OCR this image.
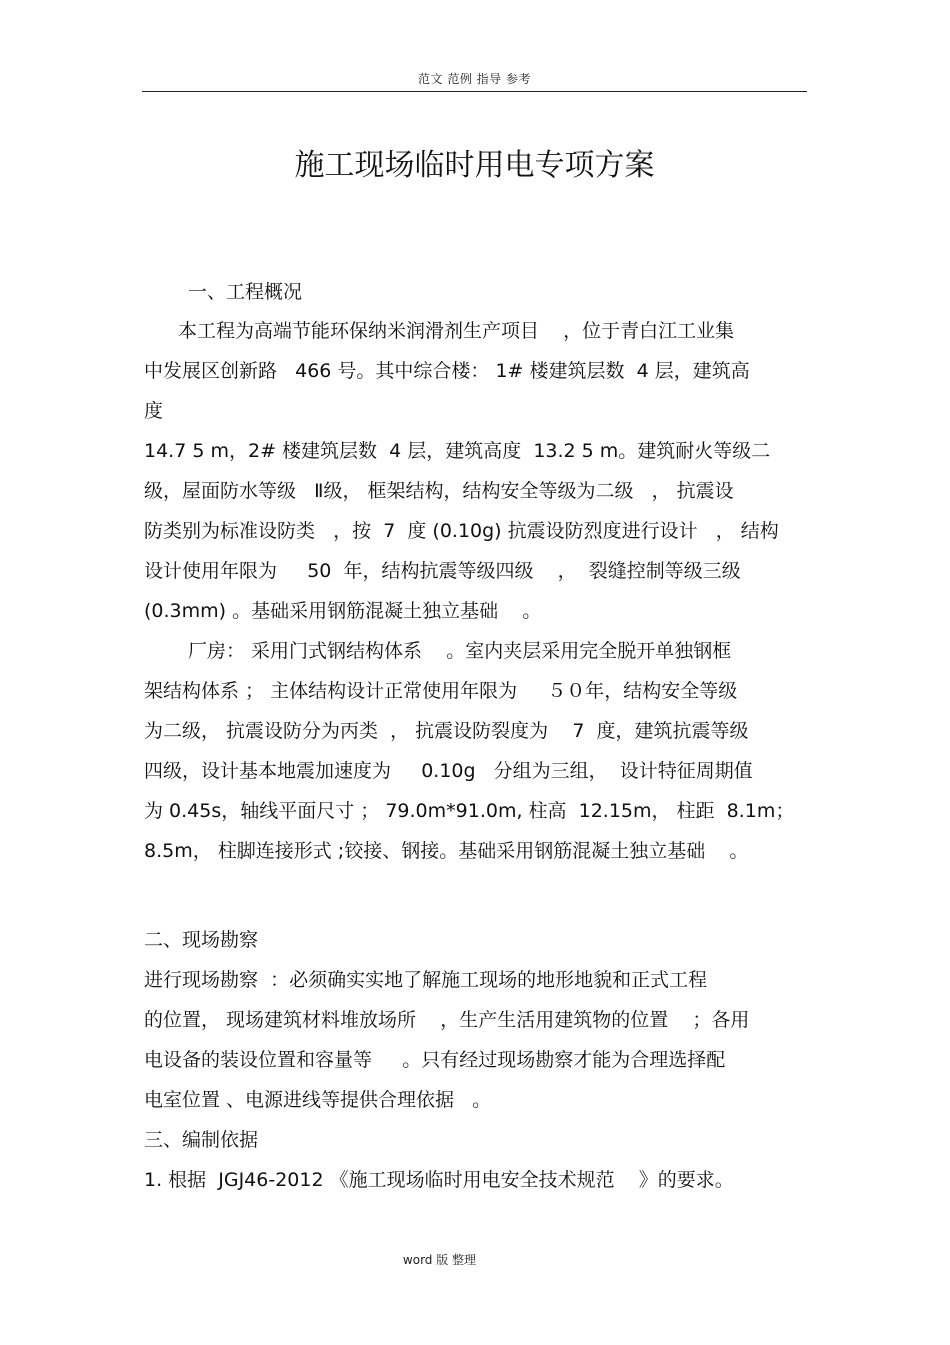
范文 范例 指导 参考
施工现场临时用电专项方案
一、工程概况
本工程为高端节能环保纳米润滑剂生产项目    ，位于青白江工业集
中发展区创新路   466 号。其中综合楼： 1# 楼建筑层数  4 层，建筑高
度
14.7 5 m，2# 楼建筑层数  4 层，建筑高度  13.2 5 m。建筑耐火等级二
级，屋面防水等级   Ⅱ级， 框架结构，结构安全等级为二级   ， 抗震设
防类别为标准设防类   ，按  7  度 (0.10g) 抗震设防烈度进行设计   ， 结构
设计使用年限为     50  年，结构抗震等级四级    ，  裂缝控制等级三级
(0.3mm) 。基础采用钢筋混凝土独立基础    。
厂房： 采用门式钢结构体系    。室内夹层采用完全脱开单独钢框
架结构体系 ； 主体结构设计正常使用年限为     ５０年，结构安全等级
为二级， 抗震设防分为丙类  ， 抗震设防裂度为    7  度，建筑抗震等级
四级，设计基本地震加速度为     0.10g   分组为三组，  设计特征周期值
为 0.45s，轴线平面尺寸 ； 79.0m*91.0m, 柱高  12.15m， 柱距  8.1m；
8.5m， 柱脚连接形式 ;铰接、钢接。基础采用钢筋混凝土独立基础    。
二、现场勘察
进行现场勘察  ：必须确实实地了解施工现场的地形地貌和正式工程
的位置， 现场建筑材料堆放场所    ，生产生活用建筑物的位置    ；各用
电设备的装设位置和容量等     。只有经过现场勘察才能为合理选择配
电室位置 、电源进线等提供合理依据   。
三、编制依据
1. 根据  JGJ46-2012 《施工现场临时用电安全技术规范    》的要求。
word 版 整理
